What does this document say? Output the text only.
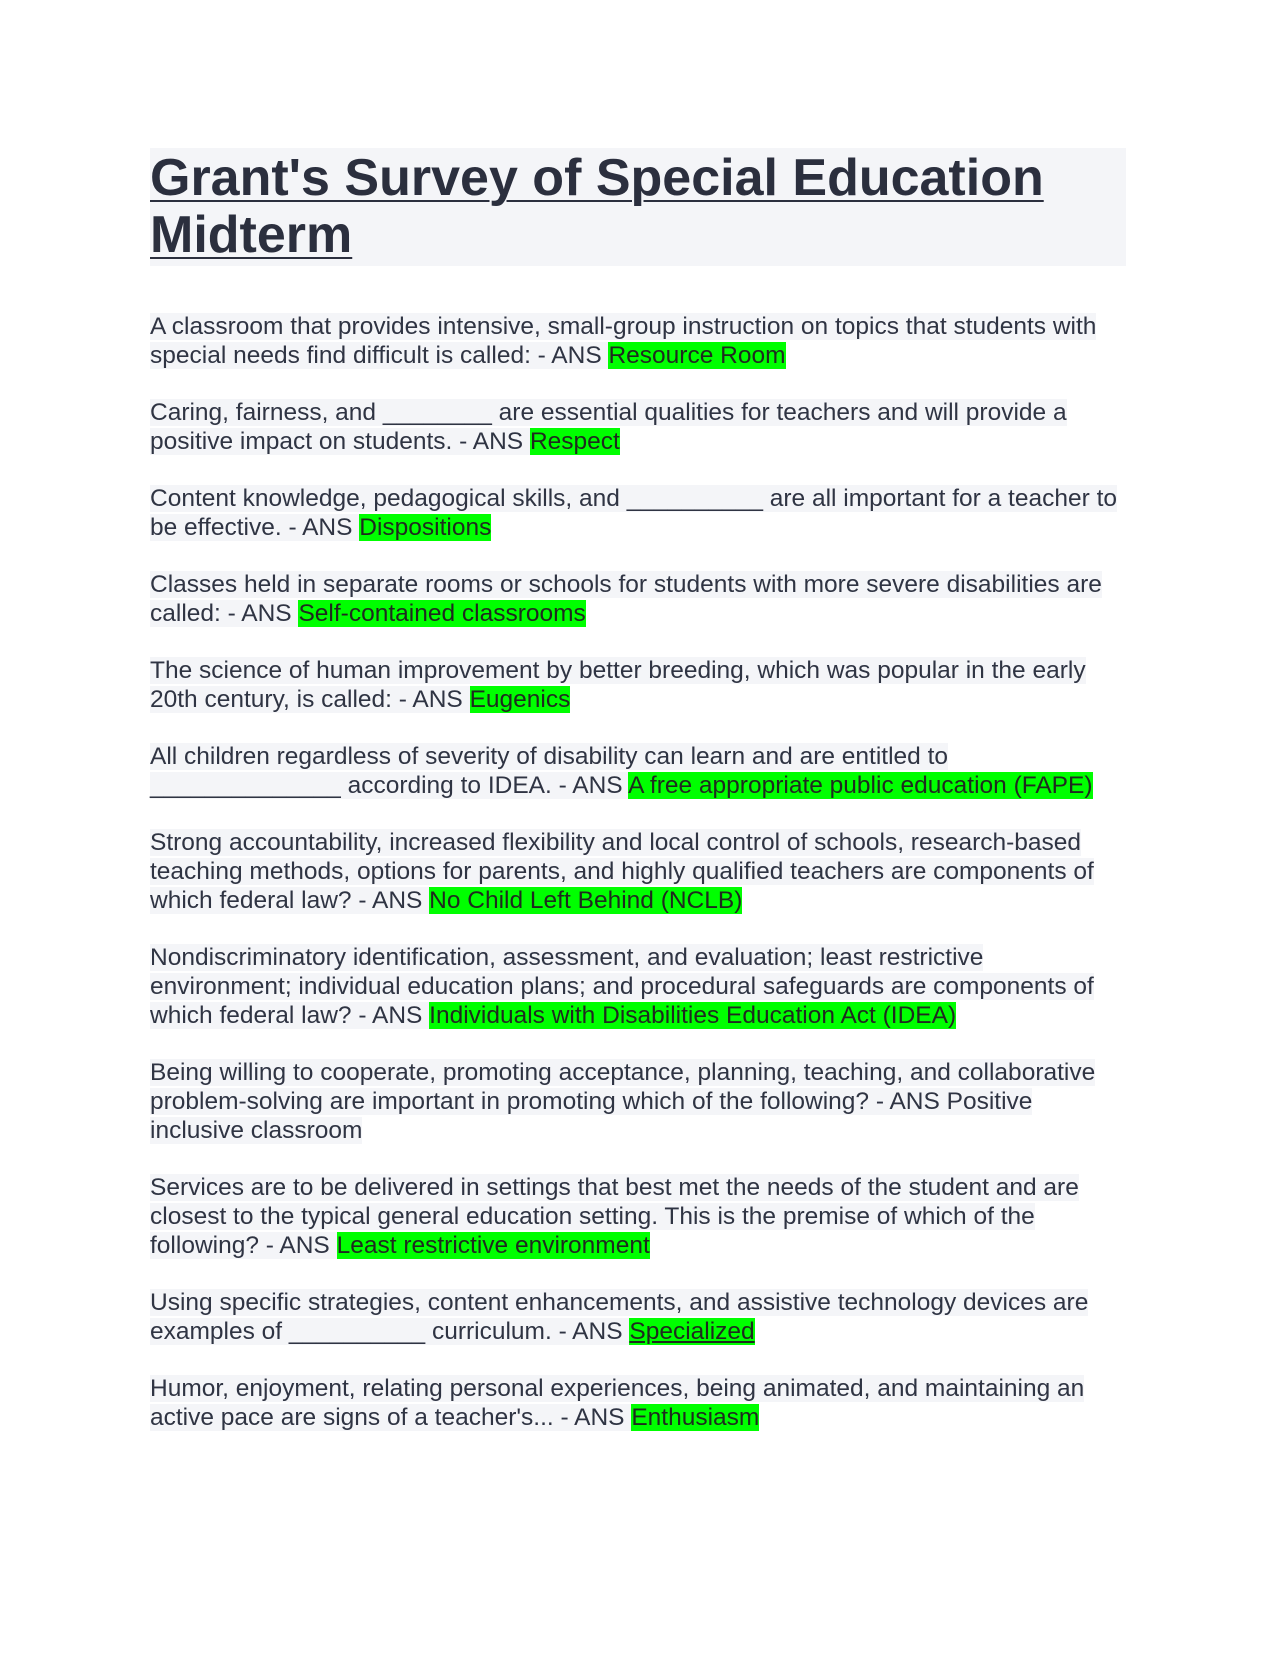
Grant's Survey of Special Education Midterm

A classroom that provides intensive, small-group instruction on topics that students with special needs find difficult is called: - ANS Resource Room

Caring, fairness, and ________ are essential qualities for teachers and will provide a positive impact on students. - ANS Respect

Content knowledge, pedagogical skills, and __________ are all important for a teacher to be effective. - ANS Dispositions

Classes held in separate rooms or schools for students with more severe disabilities are called: - ANS Self-contained classrooms

The science of human improvement by better breeding, which was popular in the early 20th century, is called: - ANS Eugenics

All children regardless of severity of disability can learn and are entitled to ______________ according to IDEA. - ANS A free appropriate public education (FAPE)

Strong accountability, increased flexibility and local control of schools, research-based teaching methods, options for parents, and highly qualified teachers are components of which federal law? - ANS No Child Left Behind (NCLB)

Nondiscriminatory identification, assessment, and evaluation; least restrictive environment; individual education plans; and procedural safeguards are components of which federal law? - ANS Individuals with Disabilities Education Act (IDEA)

Being willing to cooperate, promoting acceptance, planning, teaching, and collaborative problem-solving are important in promoting which of the following? - ANS Positive inclusive classroom

Services are to be delivered in settings that best met the needs of the student and are closest to the typical general education setting. This is the premise of which of the following? - ANS Least restrictive environment

Using specific strategies, content enhancements, and assistive technology devices are examples of __________ curriculum. - ANS Specialized

Humor, enjoyment, relating personal experiences, being animated, and maintaining an active pace are signs of a teacher's... - ANS Enthusiasm
